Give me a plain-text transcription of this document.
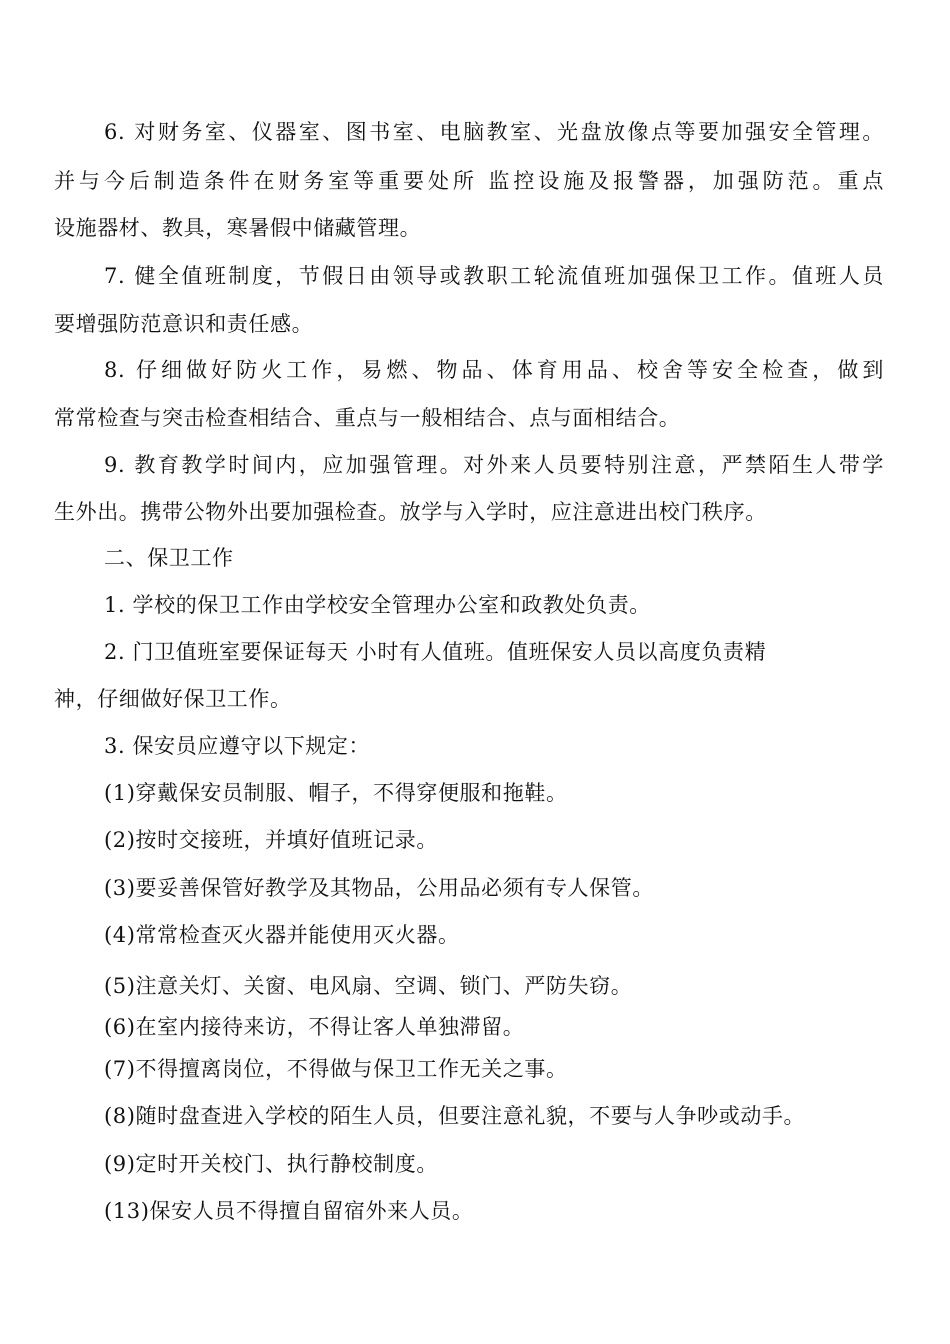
6. 对财务室、仪器室、图书室、电脑教室、光盘放像点等要加强安全管理。
并与今后制造条件在财务室等重要处所 监控设施及报警器，加强防范。重点
设施器材、教具，寒暑假中储藏管理。
7. 健全值班制度，节假日由领导或教职工轮流值班加强保卫工作。值班人员
要增强防范意识和责任感。
8. 仔细做好防火工作，易燃、物品、体育用品、校舍等安全检查，做到
常常检查与突击检查相结合、重点与一般相结合、点与面相结合。
9. 教育教学时间内，应加强管理。对外来人员要特别注意，严禁陌生人带学
生外出。携带公物外出要加强检查。放学与入学时，应注意进出校门秩序。
二、保卫工作
1. 学校的保卫工作由学校安全管理办公室和政教处负责。
2. 门卫值班室要保证每天 小时有人值班。值班保安人员以高度负责精
神，仔细做好保卫工作。
3. 保安员应遵守以下规定：
(1)穿戴保安员制服、帽子，不得穿便服和拖鞋。
(2)按时交接班，并填好值班记录。
(3)要妥善保管好教学及其物品，公用品必须有专人保管。
(4)常常检查灭火器并能使用灭火器。
(5)注意关灯、关窗、电风扇、空调、锁门、严防失窃。
(6)在室内接待来访，不得让客人单独滞留。
(7)不得擅离岗位，不得做与保卫工作无关之事。
(8)随时盘查进入学校的陌生人员，但要注意礼貌，不要与人争吵或动手。
(9)定时开关校门、执行静校制度。
(13)保安人员不得擅自留宿外来人员。
